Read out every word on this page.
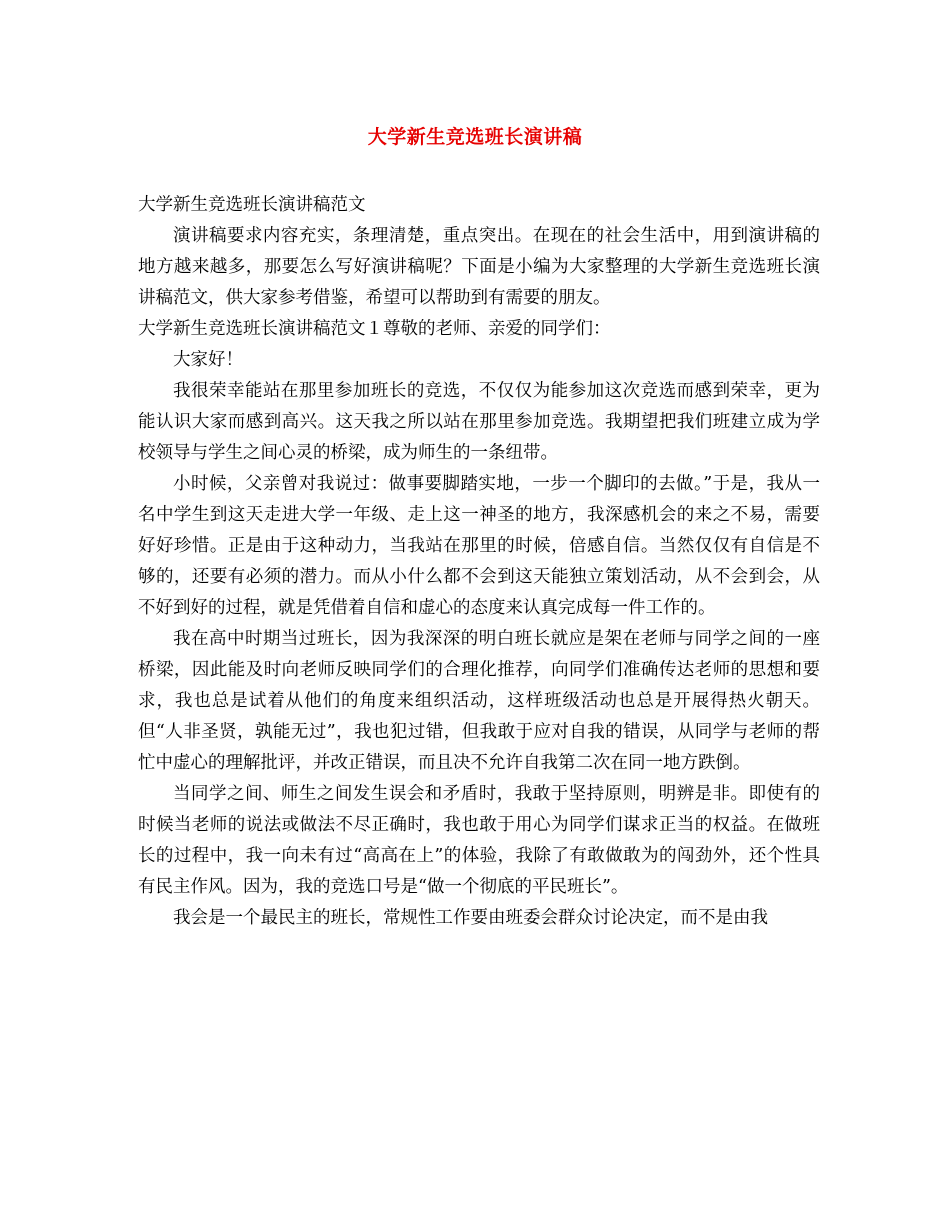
大学新生竞选班长演讲稿

大学新生竞选班长演讲稿范文

演讲稿要求内容充实，条理清楚，重点突出。在现在的社会生活中，用到演讲稿的地方越来越多，那要怎么写好演讲稿呢？下面是小编为大家整理的大学新生竞选班长演讲稿范文，供大家参考借鉴，希望可以帮助到有需要的朋友。

大学新生竞选班长演讲稿范文１尊敬的老师、亲爱的同学们：

大家好！

我很荣幸能站在那里参加班长的竞选，不仅仅为能参加这次竞选而感到荣幸，更为能认识大家而感到高兴。这天我之所以站在那里参加竞选。我期望把我们班建立成为学校领导与学生之间心灵的桥梁，成为师生的一条纽带。

小时候，父亲曾对我说过：做事要脚踏实地，一步一个脚印的去做。”于是，我从一名中学生到这天走进大学一年级、走上这一神圣的地方，我深感机会的来之不易，需要好好珍惜。正是由于这种动力，当我站在那里的时候，倍感自信。当然仅仅有自信是不够的，还要有必须的潜力。而从小什么都不会到这天能独立策划活动，从不会到会，从不好到好的过程，就是凭借着自信和虚心的态度来认真完成每一件工作的。

我在高中时期当过班长，因为我深深的明白班长就应是架在老师与同学之间的一座桥梁，因此能及时向老师反映同学们的合理化推荐，向同学们准确传达老师的思想和要求，我也总是试着从他们的角度来组织活动，这样班级活动也总是开展得热火朝天。但“人非圣贤，孰能无过”，我也犯过错，但我敢于应对自我的错误，从同学与老师的帮忙中虚心的理解批评，并改正错误，而且决不允许自我第二次在同一地方跌倒。

当同学之间、师生之间发生误会和矛盾时，我敢于坚持原则，明辨是非。即使有的时候当老师的说法或做法不尽正确时，我也敢于用心为同学们谋求正当的权益。在做班长的过程中，我一向未有过“高高在上”的体验，我除了有敢做敢为的闯劲外，还个性具有民主作风。因为，我的竞选口号是“做一个彻底的平民班长”。

我会是一个最民主的班长，常规性工作要由班委会群众讨论决定，而不是由我
